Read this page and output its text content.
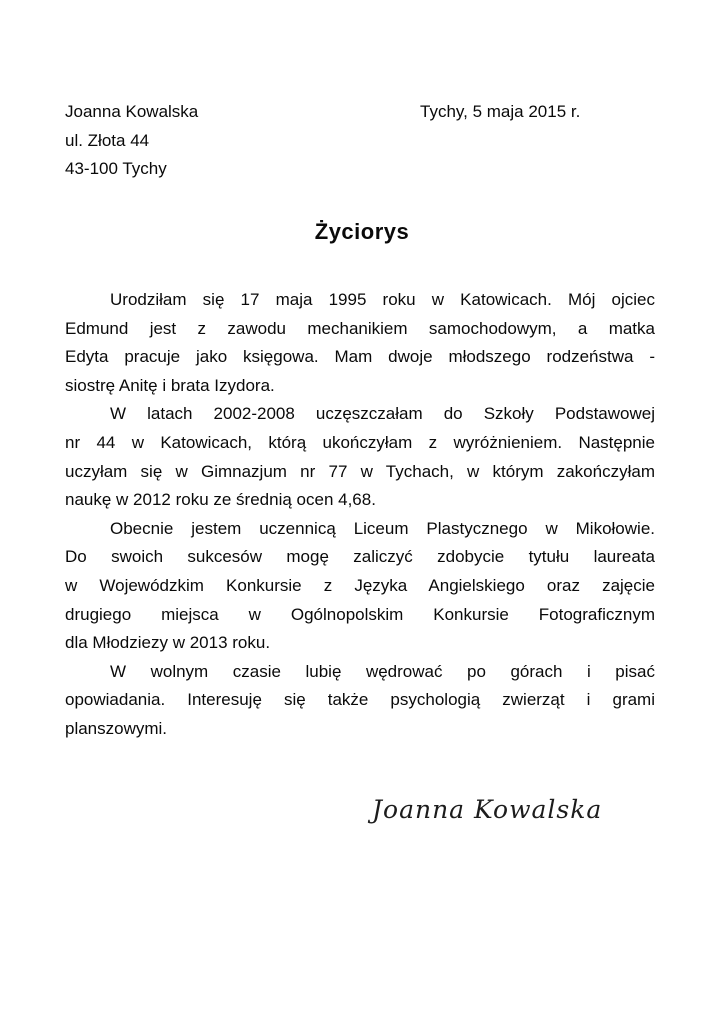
Joanna Kowalska
ul. Złota 44
43-100 Tychy
Tychy, 5 maja 2015 r.
Życiorys
Urodziłam się 17 maja 1995 roku w Katowicach. Mój ojciec
Edmund jest z zawodu mechanikiem samochodowym, a matka
Edyta pracuje jako księgowa. Mam dwoje młodszego rodzeństwa -
siostrę Anitę i brata Izydora.
W latach 2002-2008 uczęszczałam do Szkoły Podstawowej
nr 44 w Katowicach, którą ukończyłam z wyróżnieniem. Następnie
uczyłam się w Gimnazjum nr 77 w Tychach, w którym zakończyłam
naukę w 2012 roku ze średnią ocen 4,68.
Obecnie jestem uczennicą Liceum Plastycznego w Mikołowie.
Do swoich sukcesów mogę zaliczyć zdobycie tytułu laureata
w Wojewódzkim Konkursie z Języka Angielskiego oraz zajęcie
drugiego miejsca w Ogólnopolskim Konkursie Fotograficznym
dla Młodziezy w 2013 roku.
W wolnym czasie lubię wędrować po górach i pisać
opowiadania. Interesuję się także psychologią zwierząt i grami
planszowymi.
Joanna Kowalska
